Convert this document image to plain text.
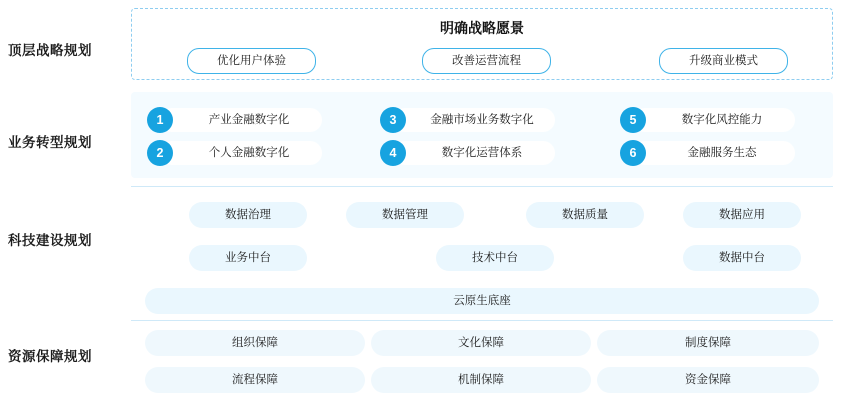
顶层战略规划
业务转型规划
科技建设规划
资源保障规划
明确战略愿景
优化用户体验	改善运营流程	升级商业模式
产业金融数字化
1
个人金融数字化
2
金融市场业务数字化
3
数字化运营体系
4
数字化风控能力
5
金融服务生态
6
数据治理	数据管理	数据质量	数据应用
业务中台	技术中台	数据中台
云原生底座
组织保障	文化保障	制度保障
流程保障	机制保障	资金保障
